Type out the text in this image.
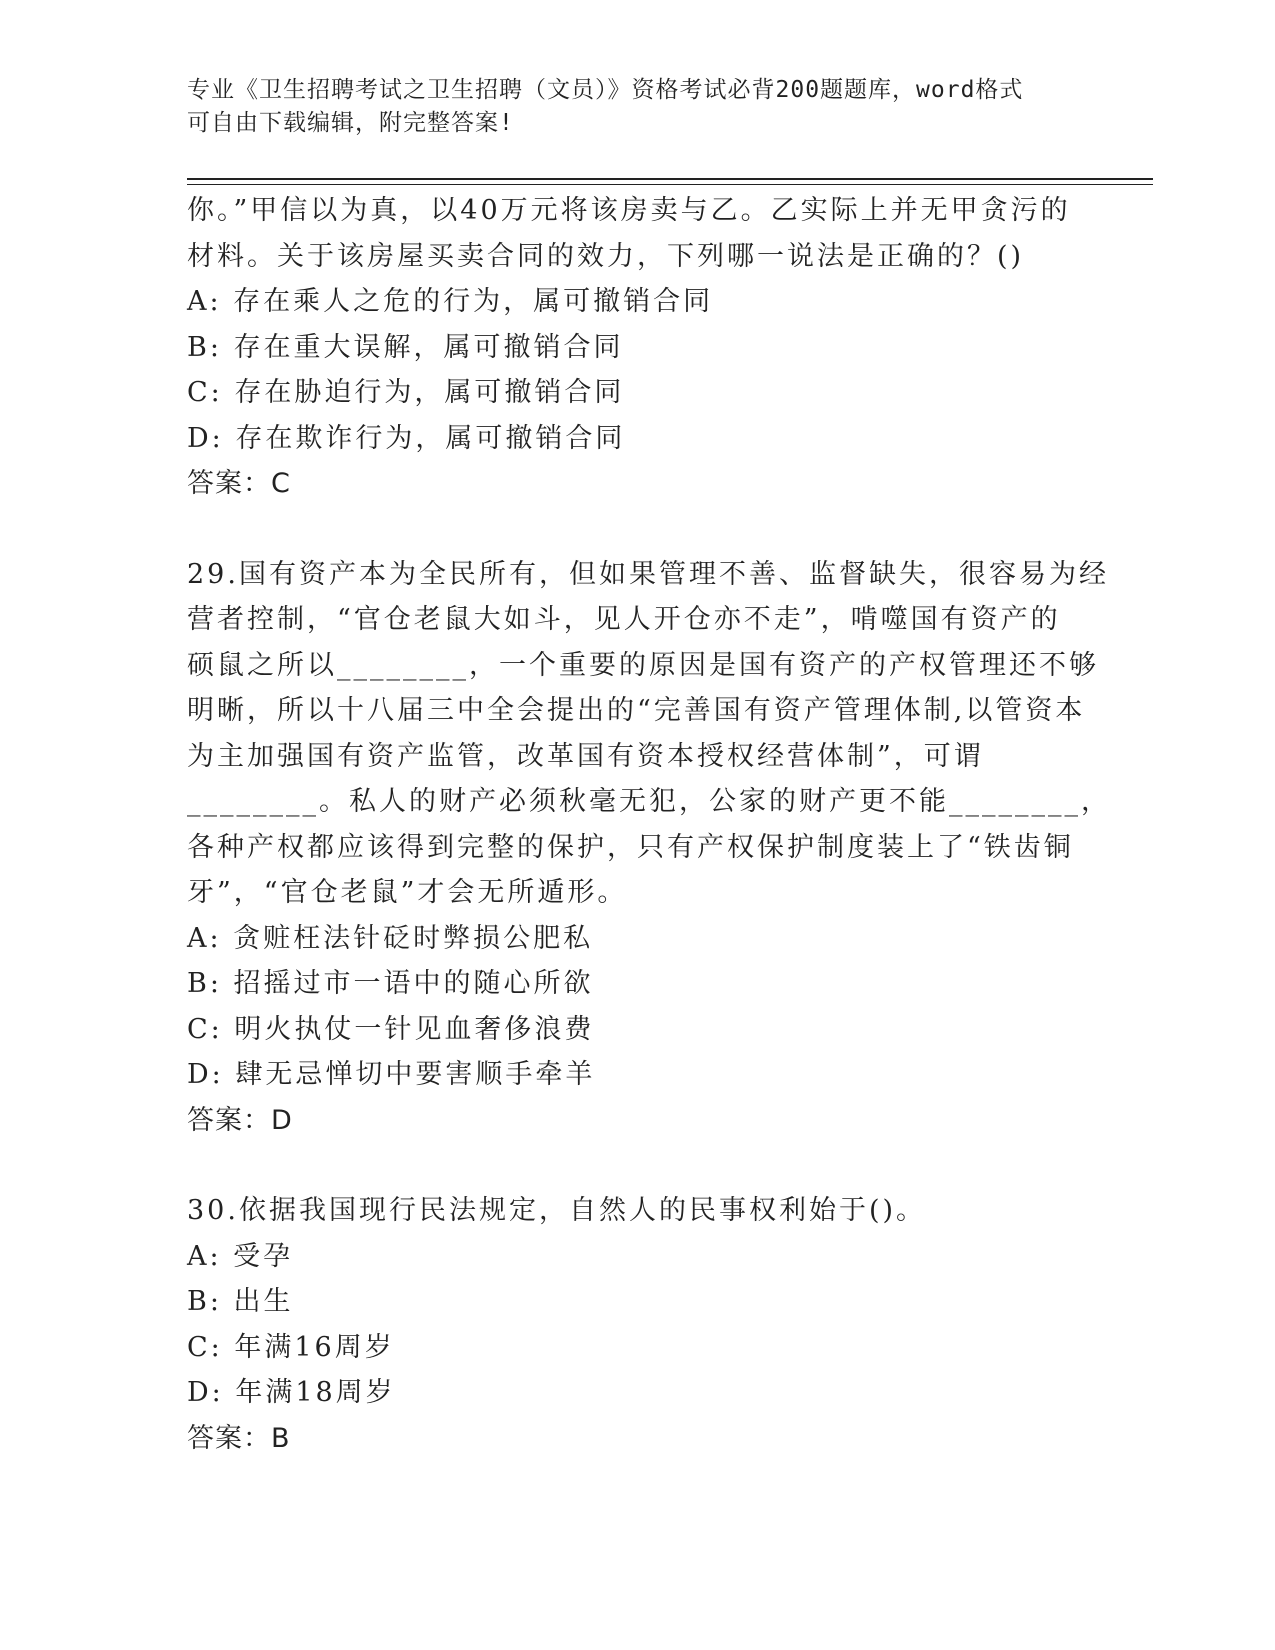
专业《卫生招聘考试之卫生招聘（文员）》资格考试必背200题题库，word格式
可自由下载编辑，附完整答案!
你。”甲信以为真，以40万元将该房卖与乙。乙实际上并无甲贪污的
材料。关于该房屋买卖合同的效力，下列哪一说法是正确的？()
A: 存在乘人之危的行为，属可撤销合同
B: 存在重大误解，属可撤销合同
C: 存在胁迫行为，属可撤销合同
D: 存在欺诈行为，属可撤销合同
答案：C
29.国有资产本为全民所有，但如果管理不善、监督缺失，很容易为经
营者控制，“官仓老鼠大如斗，见人开仓亦不走”，啃噬国有资产的
硕鼠之所以________，一个重要的原因是国有资产的产权管理还不够
明晰，所以十八届三中全会提出的“完善国有资产管理体制,以管资本
为主加强国有资产监管，改革国有资本授权经营体制”，可谓
________。私人的财产必须秋毫无犯，公家的财产更不能________，
各种产权都应该得到完整的保护，只有产权保护制度装上了“铁齿铜
牙”，“官仓老鼠”才会无所遁形。
A: 贪赃枉法针砭时弊损公肥私
B: 招摇过市一语中的随心所欲
C: 明火执仗一针见血奢侈浪费
D: 肆无忌惮切中要害顺手牵羊
答案：D
30.依据我国现行民法规定，自然人的民事权利始于()。
A: 受孕
B: 出生
C: 年满16周岁
D: 年满18周岁
答案：B
